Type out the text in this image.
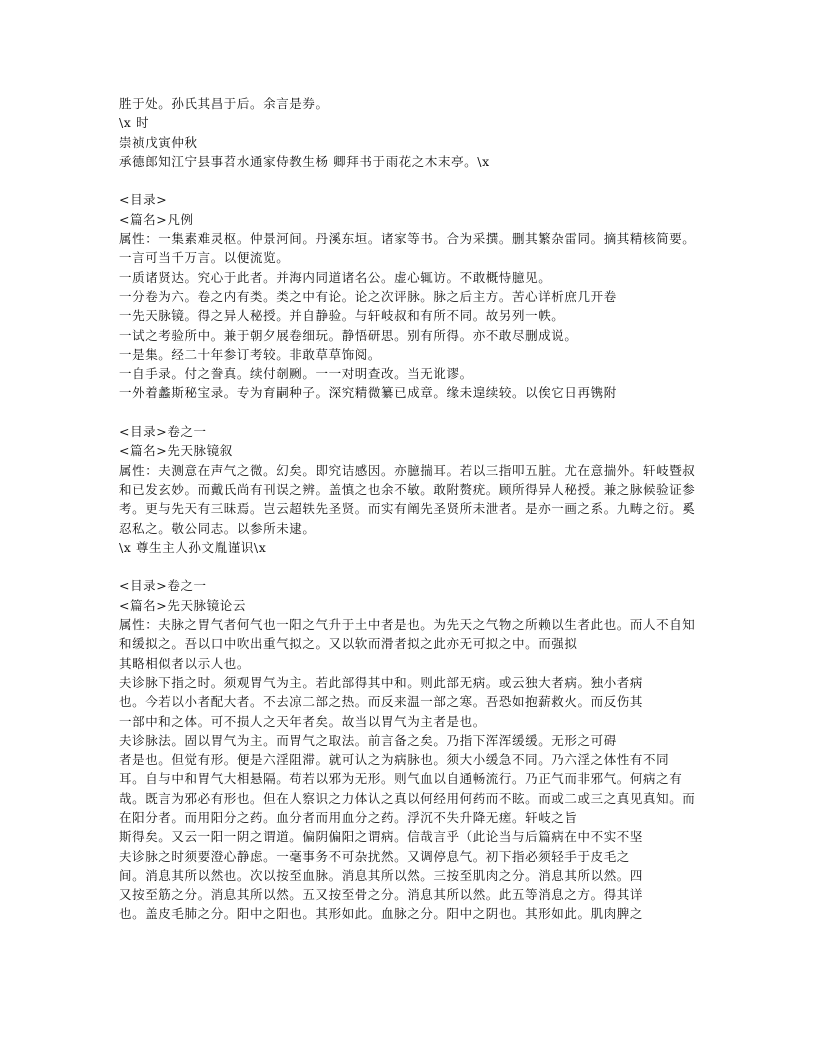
胜于处。孙氏其昌于后。余言是券。
\x 时
崇祯戊寅仲秋
承德郎知江宁县事苕水通家侍教生杨 卿拜书于雨花之木末亭。\x
<目录>
<篇名>凡例
属性：一集素难灵枢。仲景河间。丹溪东垣。诸家等书。合为采撰。删其繁杂雷同。摘其精核简要。一言可当千万言。以便流览。
一质诸贤达。究心于此者。并海内同道诸名公。虚心辄访。不敢概恃臆见。
一分卷为六。卷之内有类。类之中有论。论之次评脉。脉之后主方。苦心详析庶几开卷
一先天脉镜。得之异人秘授。并自静验。与轩岐叔和有所不同。故另列一帙。
一试之考验所中。兼于朝夕展卷细玩。静悟研思。别有所得。亦不敢尽删成说。
一是集。经二十年参订考较。非敢草草饰阅。
一自手录。付之誊真。续付剞劂。一一对明查改。当无讹谬。
一外着蠡斯秘宝录。专为育嗣种子。深究精微纂已成章。缘未遑续较。以俟它日再镌附
<目录>卷之一
<篇名>先天脉镜叙
属性：夫测意在声气之微。幻矣。即究诘感因。亦臆揣耳。若以三指叩五脏。尤在意揣外。轩岐暨叔和已发玄妙。而戴氏尚有刊误之辨。盖慎之也余不敏。敢附赘疣。顾所得异人秘授。兼之脉候验证参考。更与先天有三昧焉。岂云超轶先圣贤。而实有阐先圣贤所未泄者。是亦一画之系。九畴之衍。奚忍私之。敬公同志。以参所未逮。
\x 尊生主人孙文胤谨识\x
<目录>卷之一
<篇名>先天脉镜论云
属性：夫脉之胃气者何气也一阳之气升于土中者是也。为先天之气物之所赖以生者此也。而人不自知
和缓拟之。吾以口中吹出重气拟之。又以软而滑者拟之此亦无可拟之中。而强拟
其略相似者以示人也。
夫诊脉下指之时。须观胃气为主。若此部得其中和。则此部无病。或云独大者病。独小者病
也。今若以小者配大者。不去凉二部之热。而反来温一部之寒。吾恐如抱薪救火。而反伤其
一部中和之体。可不损人之天年者矣。故当以胃气为主者是也。
夫诊脉法。固以胃气为主。而胃气之取法。前言备之矣。乃指下浑浑缓缓。无形之可碍
者是也。但觉有形。便是六淫阻滞。就可认之为病脉也。须大小缓急不同。乃六淫之体性有不同
耳。自与中和胃气大相悬隔。苟若以邪为无形。则气血以自通畅流行。乃正气而非邪气。何病之有哉。既言为邪必有形也。但在人察识之力体认之真以何经用何药而不眩。而或二或三之真见真知。而在阳分者。而用阳分之药。血分者而用血分之药。浮沉不失升降无瘥。轩岐之旨
斯得矣。又云一阳一阴之谓道。偏阴偏阳之谓病。信哉言乎（此论当与后篇病在中不实不坚
夫诊脉之时须要澄心静虑。一毫事务不可杂扰然。又调停息气。初下指必须轻手于皮毛之
间。消息其所以然也。次以按至血脉。消息其所以然。三按至肌肉之分。消息其所以然。四
又按至筋之分。消息其所以然。五又按至骨之分。消息其所以然。此五等消息之方。得其详
也。盖皮毛肺之分。阳中之阳也。其形如此。血脉之分。阳中之阴也。其形如此。肌肉脾之
